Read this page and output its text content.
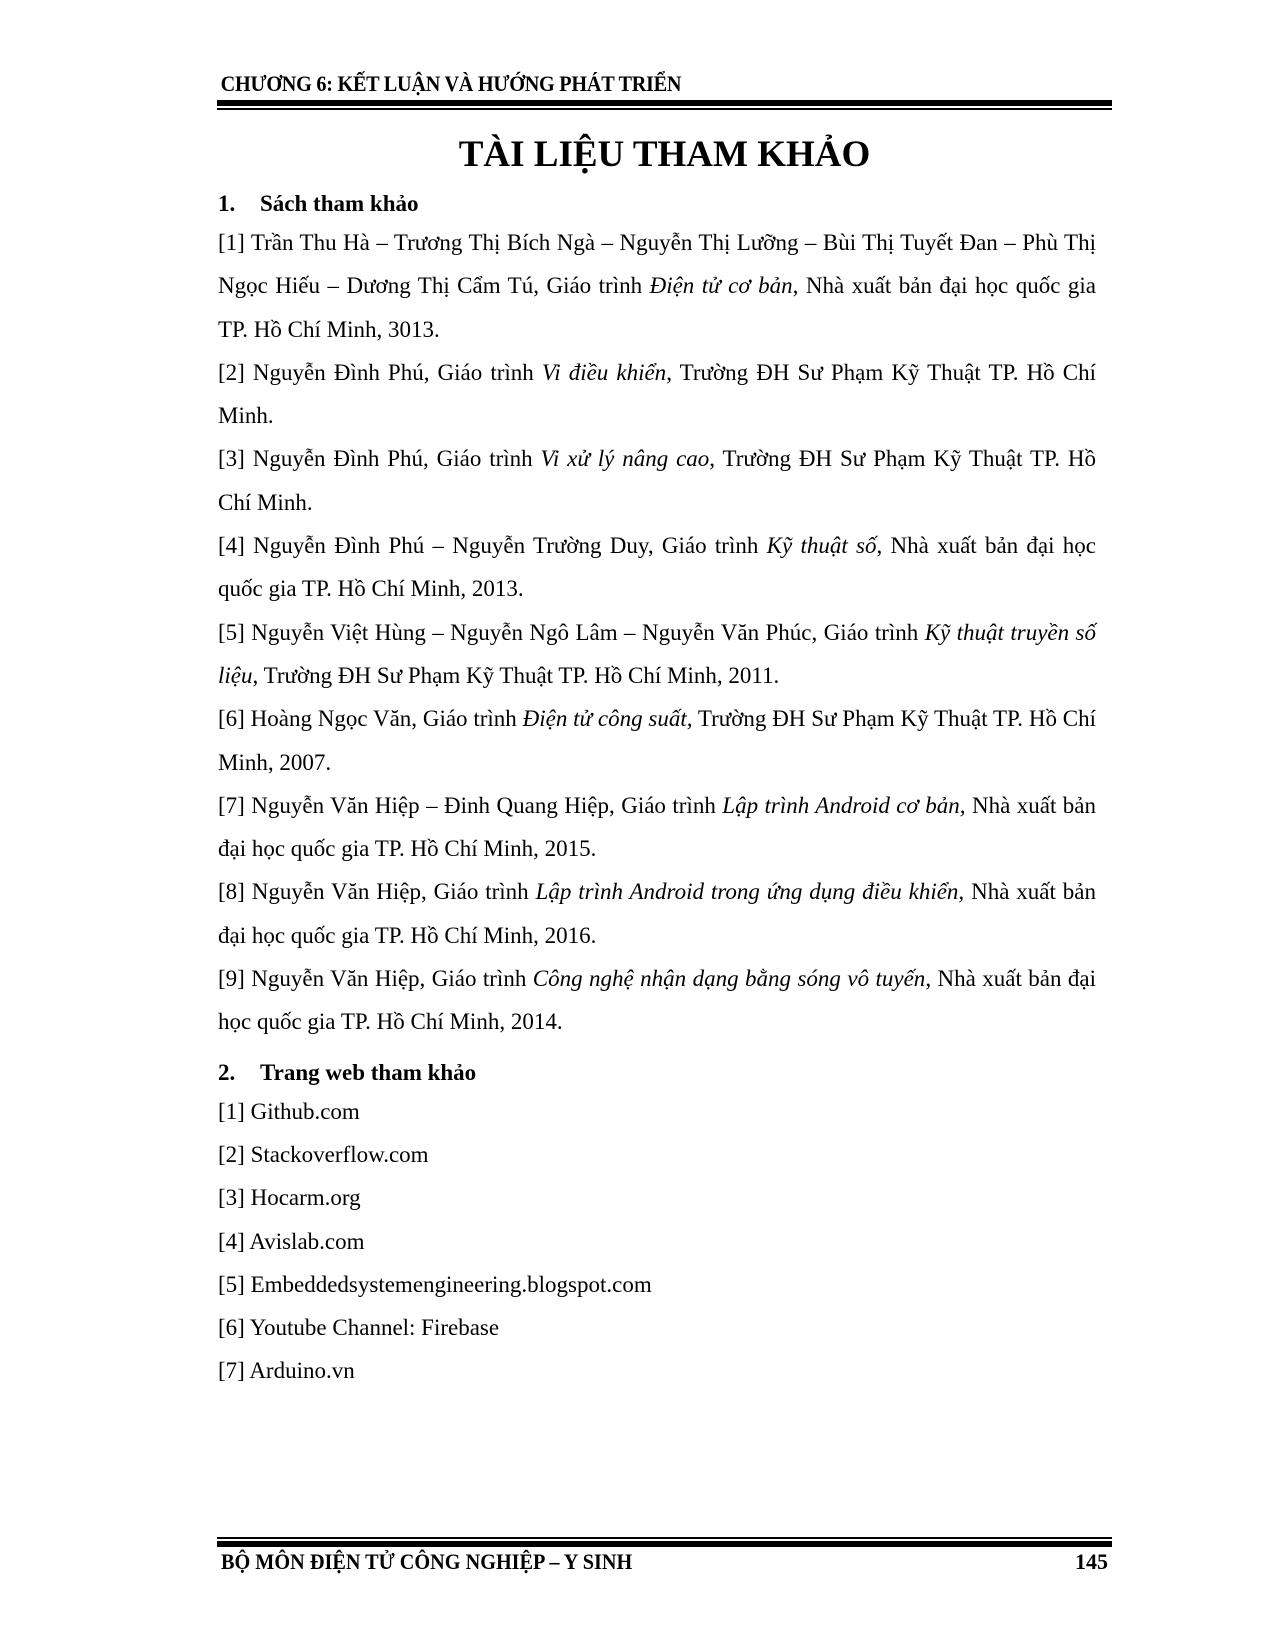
CHƯƠNG 6: KẾT LUẬN VÀ HƯỚNG PHÁT TRIỂN
TÀI LIỆU THAM KHẢO
1. Sách tham khảo

[1] Trần Thu Hà – Trương Thị Bích Ngà – Nguyễn Thị Lưỡng – Bùi Thị Tuyết Đan – Phù Thị Ngọc Hiếu – Dương Thị Cẩm Tú, Giáo trình Điện tử cơ bản, Nhà xuất bản đại học quốc gia TP. Hồ Chí Minh, 3013.

[2] Nguyễn Đình Phú, Giáo trình Vi điều khiển, Trường ĐH Sư Phạm Kỹ Thuật TP. Hồ Chí Minh.

[3] Nguyễn Đình Phú, Giáo trình Vi xử lý nâng cao, Trường ĐH Sư Phạm Kỹ Thuật TP. Hồ Chí Minh.

[4] Nguyễn Đình Phú – Nguyễn Trường Duy, Giáo trình Kỹ thuật số, Nhà xuất bản đại học quốc gia TP. Hồ Chí Minh, 2013.

[5] Nguyễn Việt Hùng – Nguyễn Ngô Lâm – Nguyễn Văn Phúc, Giáo trình Kỹ thuật truyền số liệu, Trường ĐH Sư Phạm Kỹ Thuật TP. Hồ Chí Minh, 2011.

[6] Hoàng Ngọc Văn, Giáo trình Điện tử công suất, Trường ĐH Sư Phạm Kỹ Thuật TP. Hồ Chí Minh, 2007.

[7] Nguyễn Văn Hiệp – Đinh Quang Hiệp, Giáo trình Lập trình Android cơ bản, Nhà xuất bản đại học quốc gia TP. Hồ Chí Minh, 2015.

[8] Nguyễn Văn Hiệp, Giáo trình Lập trình Android trong ứng dụng điều khiển, Nhà xuất bản đại học quốc gia TP. Hồ Chí Minh, 2016.

[9] Nguyễn Văn Hiệp, Giáo trình Công nghệ nhận dạng bằng sóng vô tuyến, Nhà xuất bản đại học quốc gia TP. Hồ Chí Minh, 2014.

2. Trang web tham khảo

[1] Github.com

[2] Stackoverflow.com

[3] Hocarm.org

[4] Avislab.com

[5] Embeddedsystemengineering.blogspot.com

[6] Youtube Channel: Firebase

[7] Arduino.vn

BỘ MÔN ĐIỆN TỬ CÔNG NGHIỆP – Y SINH	145
